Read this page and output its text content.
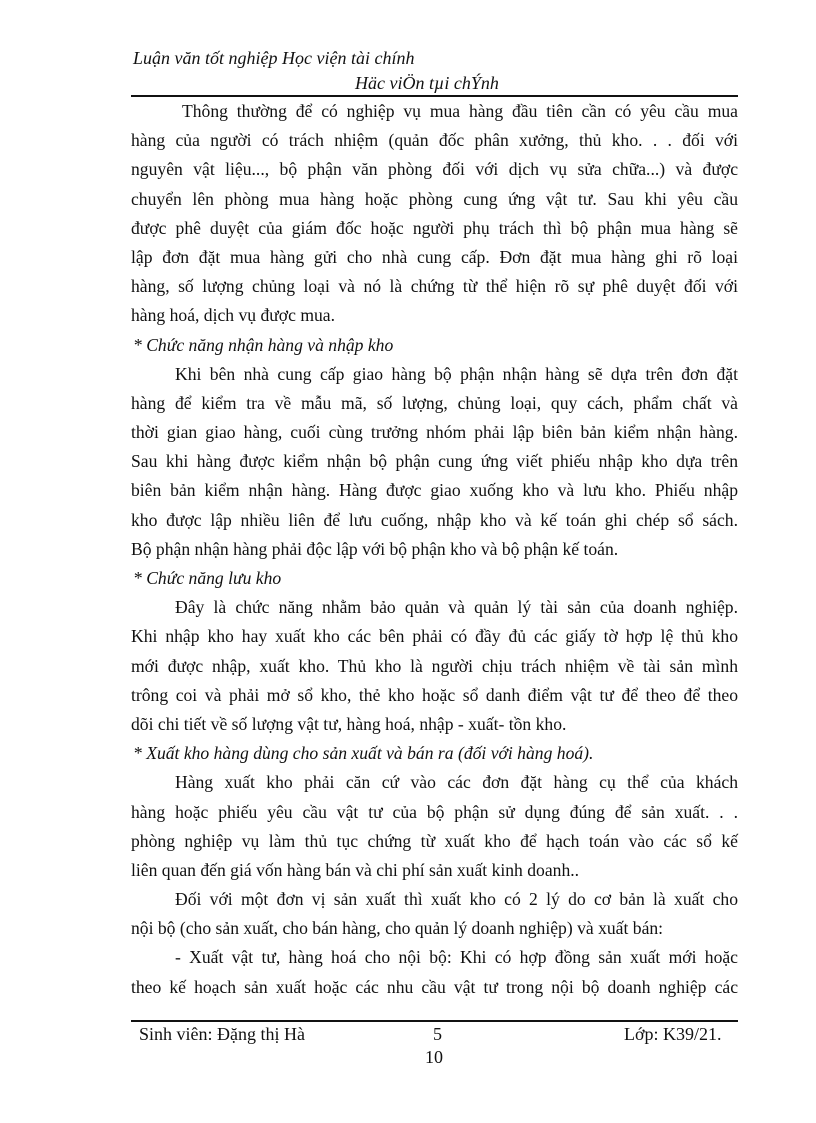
Luận văn tốt nghiệp Học viện tài chính
Häc viÖn tµi chÝnh
Thông thường để có nghiệp vụ mua hàng đầu tiên cần có yêu cầu mua
hàng của người có trách nhiệm (quản đốc phân xưởng, thủ kho. . . đối với
nguyên vật liệu..., bộ phận văn phòng đối với dịch vụ sửa chữa...) và được
chuyển lên phòng mua hàng hoặc phòng cung ứng vật tư. Sau khi yêu cầu
được phê duyệt của giám đốc hoặc người phụ trách thì bộ phận mua hàng sẽ
lập đơn đặt mua hàng gửi cho nhà cung cấp. Đơn đặt mua hàng ghi rõ loại
hàng, số lượng chủng loại và nó là chứng từ thể hiện rõ sự phê duyệt đối với
hàng hoá, dịch vụ được mua.
* Chức năng nhận hàng và nhập kho
Khi bên nhà cung cấp giao hàng bộ phận nhận hàng sẽ dựa trên đơn đặt
hàng để kiểm tra về mẫu mã, số lượng, chủng loại, quy cách, phẩm chất và
thời gian giao hàng, cuối cùng trưởng nhóm phải lập biên bản kiểm nhận hàng.
Sau khi hàng được kiểm nhận bộ phận cung ứng viết phiếu nhập kho dựa trên
biên bản kiểm nhận hàng. Hàng được giao xuống kho và lưu kho. Phiếu nhập
kho được lập nhiều liên để lưu cuống, nhập kho và kế toán ghi chép sổ sách.
Bộ phận nhận hàng phải độc lập với bộ phận kho và bộ phận kế toán.
* Chức năng lưu kho
Đây là chức năng nhằm bảo quản và quản lý tài sản của doanh nghiệp.
Khi nhập kho hay xuất kho các bên phải có đầy đủ các giấy tờ hợp lệ thủ kho
mới được nhập, xuất kho. Thủ kho là người chịu trách nhiệm về tài sản mình
trông coi và phải mở sổ kho, thẻ kho hoặc sổ danh điểm vật tư để theo để theo
dõi chi tiết về số lượng vật tư, hàng hoá, nhập - xuất- tồn kho.
* Xuất kho hàng dùng cho sản xuất và bán ra (đối với hàng hoá).
Hàng xuất kho phải căn cứ vào các đơn đặt hàng cụ thể của khách
hàng hoặc phiếu yêu cầu vật tư của bộ phận sử dụng đúng để sản xuất. . .
phòng nghiệp vụ làm thủ tục chứng từ xuất kho để hạch toán vào các sổ kế
liên quan đến giá vốn hàng bán và chi phí sản xuất kinh doanh..
Đối với một đơn vị sản xuất thì xuất kho có 2 lý do cơ bản là xuất cho
nội bộ (cho sản xuất, cho bán hàng, cho quản lý doanh nghiệp) và xuất bán:
- Xuất vật tư, hàng hoá cho nội bộ: Khi có hợp đồng sản xuất mới hoặc
theo kế hoạch sản xuất hoặc các nhu cầu vật tư trong nội bộ doanh nghiệp các
Sinh viên: Đặng thị Hà	5	Lớp: K39/21.
10
